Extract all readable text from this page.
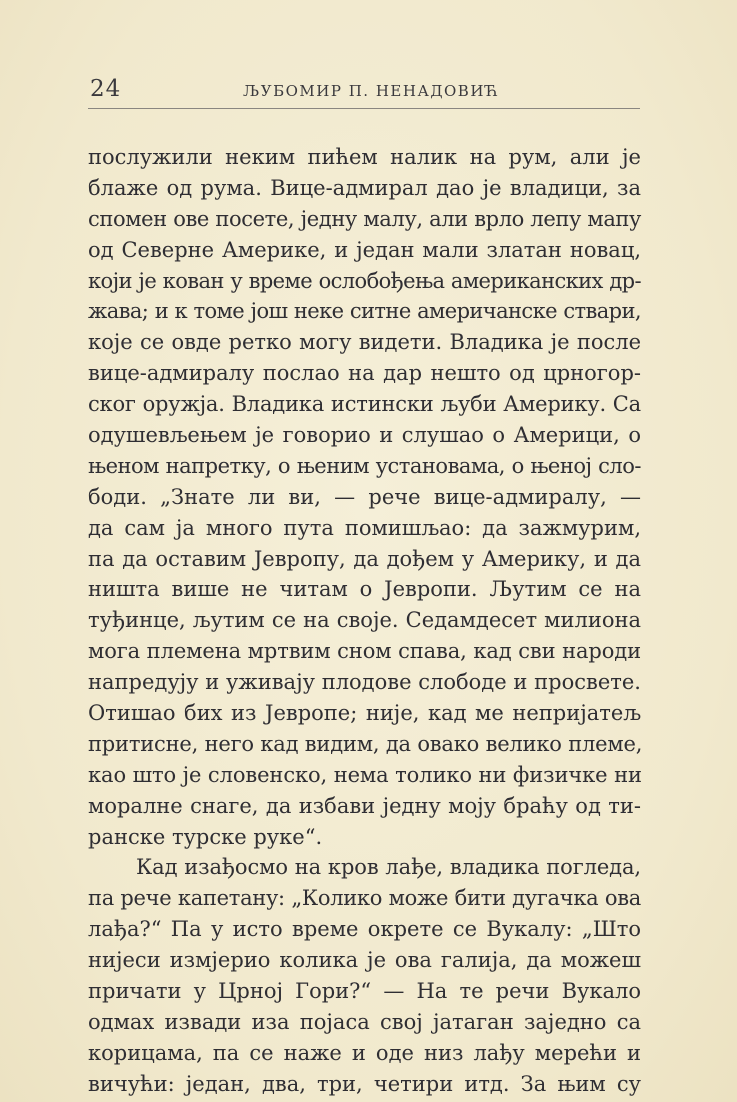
24	ЉУБОМИР П. НЕНАДОВИЋ
послужили неким пићем налик на рум, али је
блаже од рума. Вице-адмирал дао је владици, за
спомен ове посете, једну малу, али врло лепу мапу
од Северне Америке, и један мали златан новац,
који је кован у време ослобођења американских др-
жава; и к томе још неке ситне америчанске ствари,
које се овде ретко могу видети. Владика је после
вице-адмиралу послао на дар нешто од црногор-
ског оружја. Владика истински љуби Америку. Са
одушевљењем је говорио и слушао о Америци, о
њеном напретку, о њеним установама, о њеној сло-
боди. „Знате ли ви, — рече вице-адмиралу, —
да сам ја много пута помишљао: да зажмурим,
па да оставим Јевропу, да дођем у Америку, и да
ништа више не читам о Јевропи. Љутим се на
туђинце, љутим се на своје. Седамдесет милиона
мога племена мртвим сном спава, кад сви народи
напредују и уживају плодове слободе и просвете.
Отишао бих из Јевропе; није, кад ме непријатељ
притисне, него кад видим, да овако велико племе,
као што је словенско, нема толико ни физичке ни
моралне снаге, да избави једну моју браћу од ти-
ранске турске руке“.
Кад изађосмо на кров лађе, владика погледа,
па рече капетану: „Колико може бити дугачка ова
лађа?“ Па у исто време окрете се Вукалу: „Што
нијеси измјерио колика је ова галија, да можеш
причати у Црној Гори?“ — На те речи Вукало
одмах извади иза појаса свој јатаган заједно са
корицама, па се наже и оде низ лађу мерећи и
вичући: један, два, три, четири итд. За њим су
